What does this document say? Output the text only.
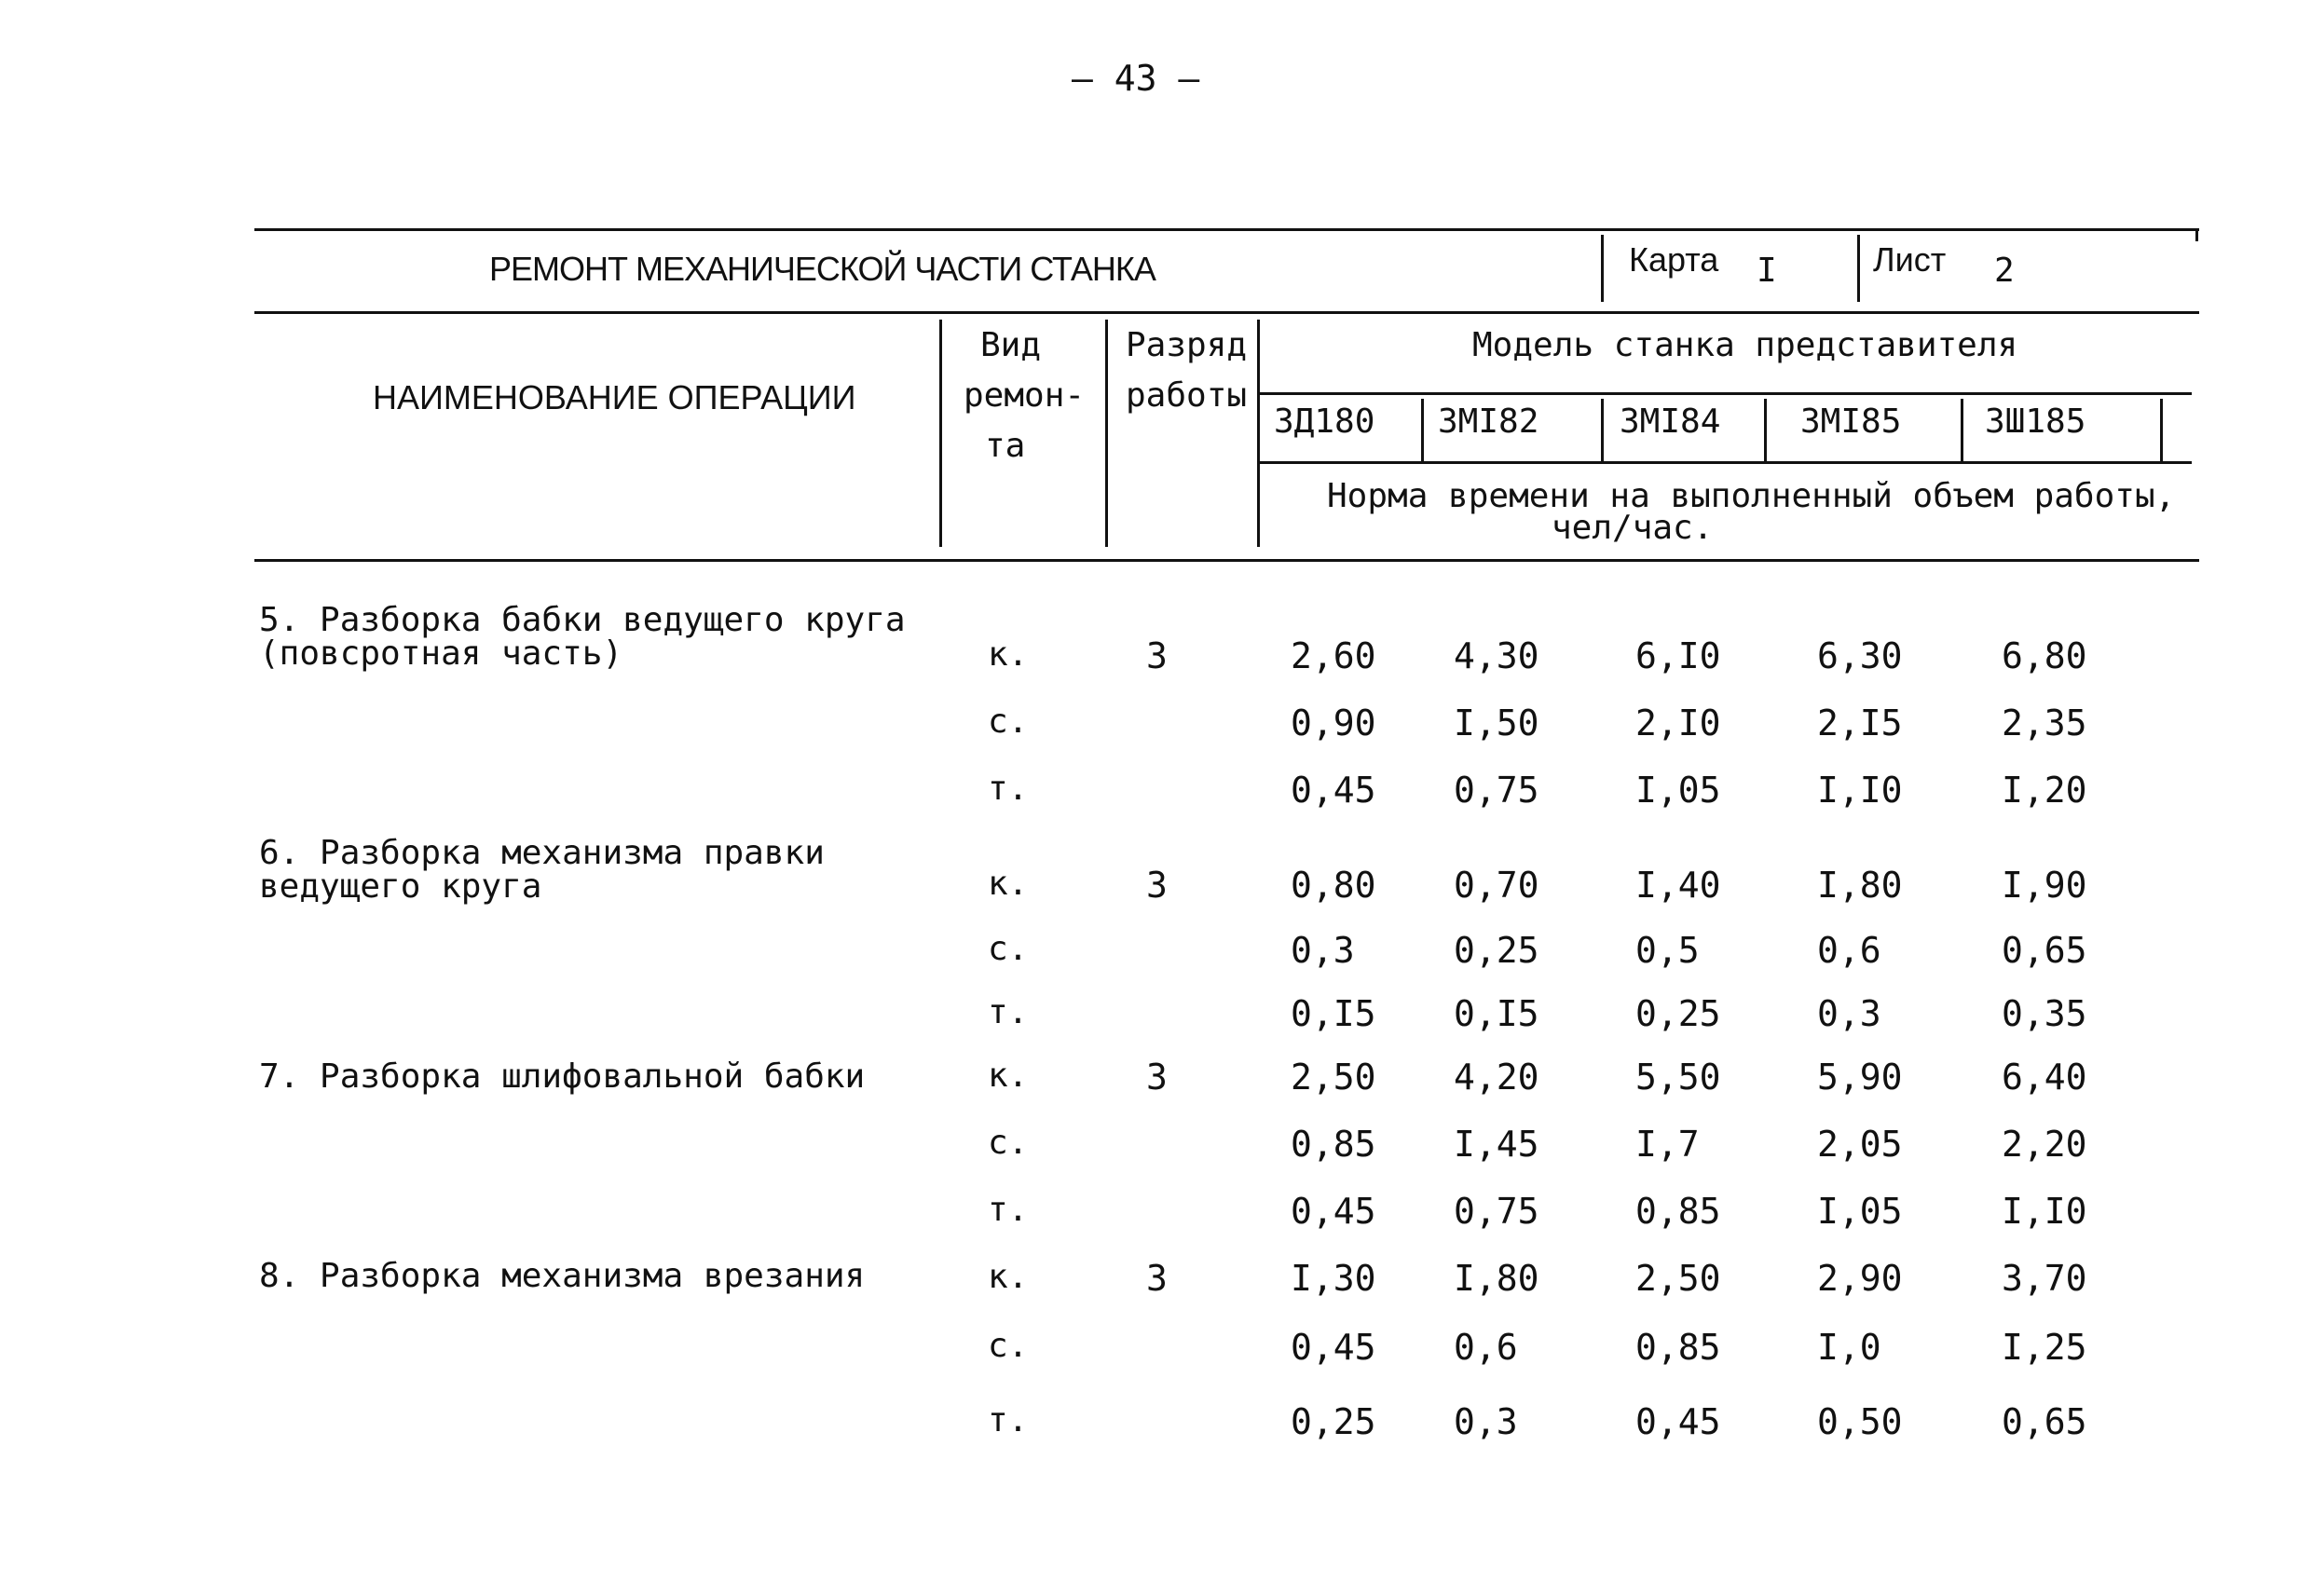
– 43 –
РЕМОНТ МЕХАНИЧЕСКОЙ ЧАСТИ СТАНКА	Карта I	Лист 2
НАИМЕНОВАНИЕ ОПЕРАЦИИ
Вид
ремон-
та
Разряд
работы
Модель станка представителя
3Д180 3МI82 3МI84 3МI85 3Ш185
Норма времени на выполненный объем работы,
чел/час.
5. Разборка бабки ведущего круга
(повсротная часть)	3
к.	2,60 4,30	6,I0	6,30	6,80
с.	0,90 I,50	2,I0	2,I5	2,35
т.	0,45 0,75	I,05	I,I0	I,20
6. Разборка механизма правки
ведущего круга	3
к.	0,80 0,70	I,40	I,80	I,90
с.	0,3	0,25	0,5	0,6	0,65
т.	0,I5 0,I5	0,25	0,3	0,35
7. Разборка шлифовальной бабки	3
к.	2,50 4,20	5,50	5,90	6,40
с.	0,85 I,45	I,7	2,05	2,20
т.	0,45 0,75	0,85	I,05	I,I0
8. Разборка механизма врезания	3
к.	I,30 I,80	2,50	2,90	3,70
с.	0,45 0,6	0,85	I,0	I,25
т.	0,25 0,3	0,45	0,50	0,65
